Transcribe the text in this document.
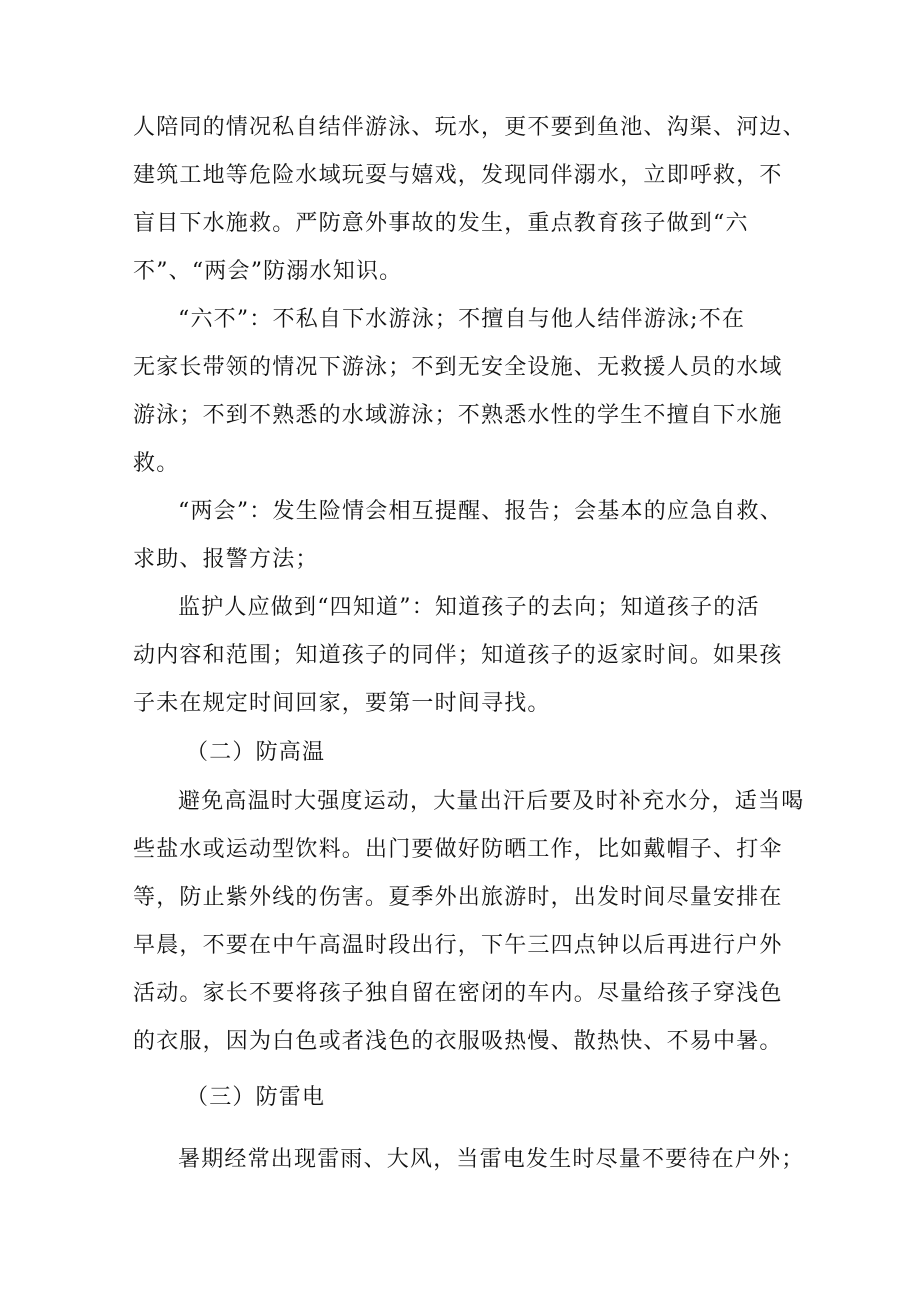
人陪同的情况私自结伴游泳、玩水，更不要到鱼池、沟渠、河边、
建筑工地等危险水域玩耍与嬉戏，发现同伴溺水，立即呼救，不
盲目下水施救。严防意外事故的发生，重点教育孩子做到“六
不”、“两会”防溺水知识。
“六不”：不私自下水游泳；不擅自与他人结伴游泳;不在
无家长带领的情况下游泳；不到无安全设施、无救援人员的水域
游泳；不到不熟悉的水域游泳；不熟悉水性的学生不擅自下水施
救。
“两会”：发生险情会相互提醒、报告；会基本的应急自救、
求助、报警方法；
监护人应做到“四知道”：知道孩子的去向；知道孩子的活
动内容和范围；知道孩子的同伴；知道孩子的返家时间。如果孩
子未在规定时间回家，要第一时间寻找。
（二）防高温
避免高温时大强度运动，大量出汗后要及时补充水分，适当喝
些盐水或运动型饮料。出门要做好防晒工作，比如戴帽子、打伞
等，防止紫外线的伤害。夏季外出旅游时，出发时间尽量安排在
早晨，不要在中午高温时段出行，下午三四点钟以后再进行户外
活动。家长不要将孩子独自留在密闭的车内。尽量给孩子穿浅色
的衣服，因为白色或者浅色的衣服吸热慢、散热快、不易中暑。
（三）防雷电
暑期经常出现雷雨、大风，当雷电发生时尽量不要待在户外；
